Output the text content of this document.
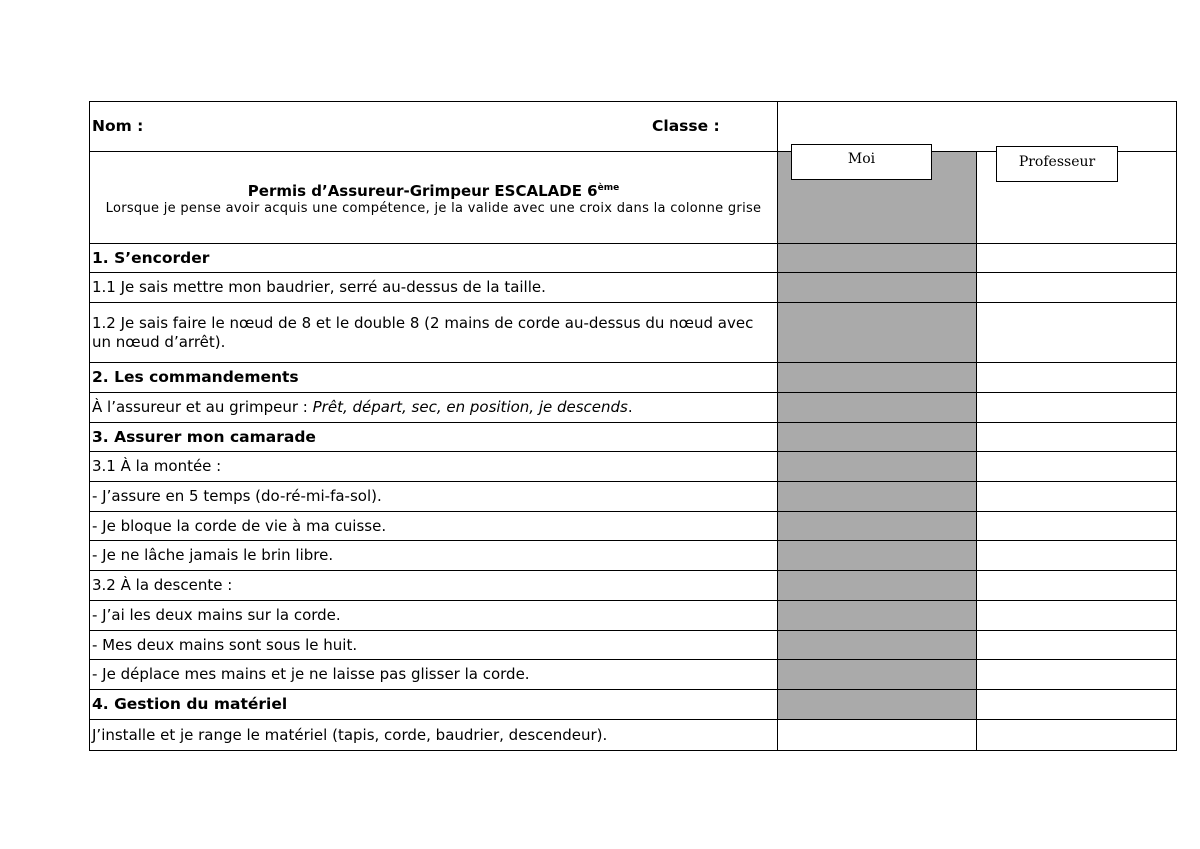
Nom : Classe :		

Permis d’Assureur-Grimpeur ESCALADE 6ème
Lorsque je pense avoir acquis une compétence, je la valide avec une croix dans la colonne grise		

1. S’encorder		
1.1 Je sais mettre mon baudrier, serré au-dessus de la taille.		
1.2 Je sais faire le nœud de 8 et le double 8 (2 mains de corde au-dessus du nœud avec un nœud d’arrêt).		
2. Les commandements		
À l’assureur et au grimpeur : Prêt, départ, sec, en position, je descends.		
3. Assurer mon camarade		
3.1 À la montée :		
- J’assure en 5 temps (do-ré-mi-fa-sol).		
- Je bloque la corde de vie à ma cuisse.		
- Je ne lâche jamais le brin libre.		
3.2 À la descente :		
- J’ai les deux mains sur la corde.		
- Mes deux mains sont sous le huit.		
- Je déplace mes mains et je ne laisse pas glisser la corde.		
4. Gestion du matériel		
J’installe et je range le matériel (tapis, corde, baudrier, descendeur).		
Moi	Professeur
